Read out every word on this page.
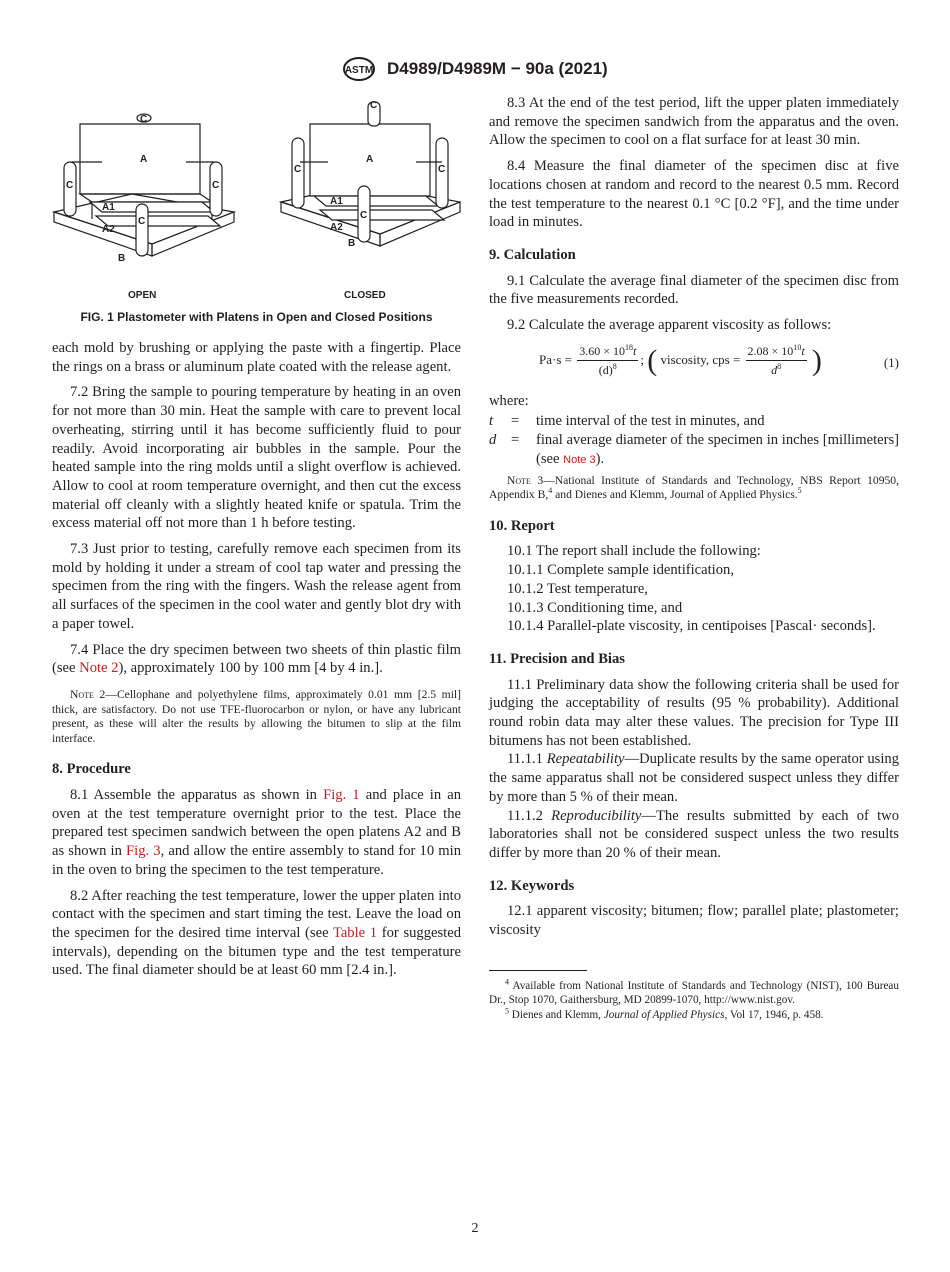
ASTM D4989/D4989M − 90a (2021)
C
A
C	C
A1
C
A2
B
C
A
C	C
A1
C
A2
B
OPEN	CLOSED
FIG. 1 Plastometer with Platens in Open and Closed Positions

each mold by brushing or applying the paste with a fingertip. Place the rings on a brass or aluminum plate coated with the release agent.

7.2 Bring the sample to pouring temperature by heating in an oven for not more than 30 min. Heat the sample with care to prevent local overheating, stirring until it has become sufficiently fluid to pour readily. Avoid incorporating air bubbles in the sample. Pour the heated sample into the ring molds until a slight overflow is achieved. Allow to cool at room temperature overnight, and then cut the excess material off cleanly with a slightly heated knife or spatula. Trim the excess material off not more than 1 h before testing.

7.3 Just prior to testing, carefully remove each specimen from its mold by holding it under a stream of cool tap water and pressing the specimen from the ring with the fingers. Wash the release agent from all surfaces of the specimen in the cool water and gently blot dry with a paper towel.

7.4 Place the dry specimen between two sheets of thin plastic film (see Note 2), approximately 100 by 100 mm [4 by 4 in.].

Note 2—Cellophane and polyethylene films, approximately 0.01 mm [2.5 mil] thick, are satisfactory. Do not use TFE-fluorocarbon or nylon, or have any lubricant present, as these will alter the results by allowing the bitumen to slip at the film interface.

8. Procedure

8.1 Assemble the apparatus as shown in Fig. 1 and place in an oven at the test temperature overnight prior to the test. Place the prepared test specimen sandwich between the open platens A2 and B as shown in Fig. 3, and allow the entire assembly to stand for 10 min in the oven to bring the specimen to the test temperature.

8.2 After reaching the test temperature, lower the upper platen into contact with the specimen and start timing the test. Leave the load on the specimen for the desired time interval (see Table 1 for suggested intervals), depending on the bitumen type and the test temperature used. The final diameter should be at least 60 mm [2.4 in.].

8.3 At the end of the test period, lift the upper platen immediately and remove the specimen sandwich from the apparatus and the oven. Allow the specimen to cool on a flat surface for at least 30 min.

8.4 Measure the final diameter of the specimen disc at five locations chosen at random and record to the nearest 0.5 mm. Record the test temperature to the nearest 0.1 °C [0.2 °F], and the time under load in minutes.

9. Calculation

9.1 Calculate the average final diameter of the specimen disc from the five measurements recorded.

9.2 Calculate the average apparent viscosity as follows:

$Pa\cdot s = \frac{3.60 \times 10^{18}t}{(d)^8}$ ; ( viscosity, cps = $\frac{2.08 \times 10^{10}t}{d^8}$ )	(1)

where:

t	=	time interval of the test in minutes, and
d	=	final average diameter of the specimen in inches [millimeters] (see Note 3).

Note 3—National Institute of Standards and Technology, NBS Report 10950, Appendix B,$^4$ and Dienes and Klemm, Journal of Applied Physics.$^5$

10. Report

10.1 The report shall include the following:

10.1.1 Complete sample identification,

10.1.2 Test temperature,

10.1.3 Conditioning time, and

10.1.4 Parallel-plate viscosity, in centipoises [Pascal· seconds].

11. Precision and Bias

11.1 Preliminary data show the following criteria shall be used for judging the acceptability of results (95 % probability). Additional round robin data may alter these values. The precision for Type III bitumens has not been established.

11.1.1 Repeatability—Duplicate results by the same operator using the same apparatus shall not be considered suspect unless they differ by more than 5 % of their mean.

11.1.2 Reproducibility—The results submitted by each of two laboratories shall not be considered suspect unless the two results differ by more than 20 % of their mean.

12. Keywords

12.1 apparent viscosity; bitumen; flow; parallel plate; plastometer; viscosity

$^4$ Available from National Institute of Standards and Technology (NIST), 100 Bureau Dr., Stop 1070, Gaithersburg, MD 20899-1070, http://www.nist.gov.

$^5$ Dienes and Klemm, Journal of Applied Physics, Vol 17, 1946, p. 458.

2
